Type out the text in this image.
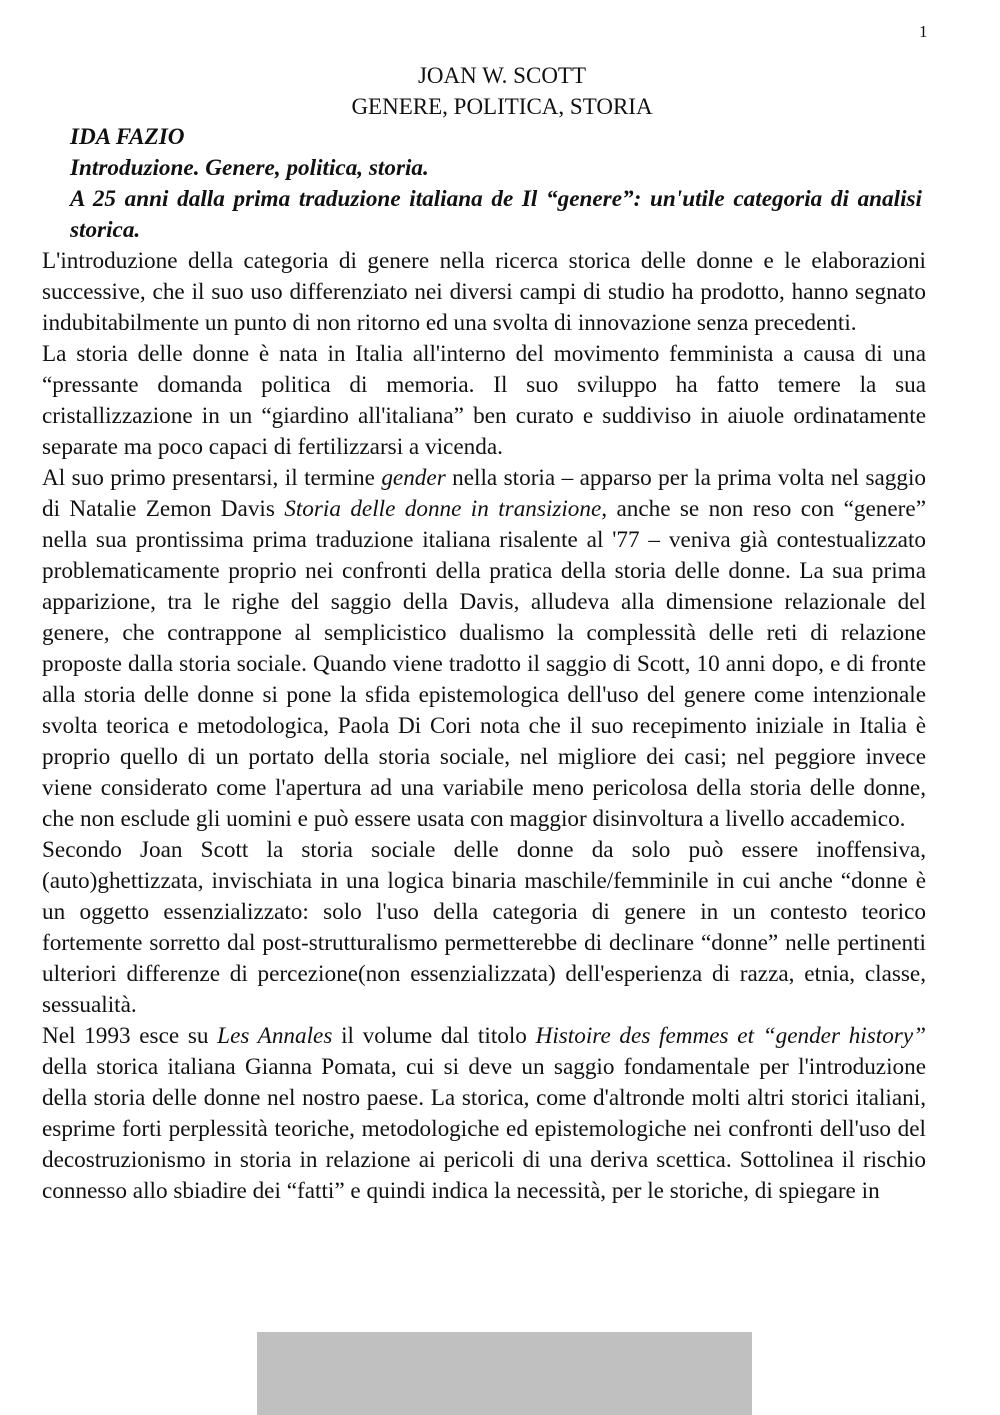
1
JOAN W. SCOTT
GENERE, POLITICA, STORIA
IDA FAZIO
Introduzione. Genere, politica, storia.
A 25 anni dalla prima traduzione italiana de Il “genere”: un'utile categoria di analisi storica.

L'introduzione della categoria di genere nella ricerca storica delle donne e le elaborazioni successive, che il suo uso differenziato nei diversi campi di studio ha prodotto, hanno segnato indubitabilmente un punto di non ritorno ed una svolta di innovazione senza precedenti.

La storia delle donne è nata in Italia all'interno del movimento femminista a causa di una “pressante domanda politica di memoria. Il suo sviluppo ha fatto temere la sua cristallizzazione in un “giardino all'italiana” ben curato e suddiviso in aiuole ordinatamente separate ma poco capaci di fertilizzarsi a vicenda.

Al suo primo presentarsi, il termine gender nella storia – apparso per la prima volta nel saggio di Natalie Zemon Davis Storia delle donne in transizione, anche se non reso con “genere” nella sua prontissima prima traduzione italiana risalente al '77 – veniva già contestualizzato problematicamente proprio nei confronti della pratica della storia delle donne. La sua prima apparizione, tra le righe del saggio della Davis, alludeva alla dimensione relazionale del genere, che contrappone al semplicistico dualismo la complessità delle reti di relazione proposte dalla storia sociale. Quando viene tradotto il saggio di Scott, 10 anni dopo, e di fronte alla storia delle donne si pone la sfida epistemologica dell'uso del genere come intenzionale svolta teorica e metodologica, Paola Di Cori nota che il suo recepimento iniziale in Italia è proprio quello di un portato della storia sociale, nel migliore dei casi; nel peggiore invece viene considerato come l'apertura ad una variabile meno pericolosa della storia delle donne, che non esclude gli uomini e può essere usata con maggior disinvoltura a livello accademico.

Secondo Joan Scott la storia sociale delle donne da solo può essere inoffensiva, (auto)ghettizzata, invischiata in una logica binaria maschile/femminile in cui anche “donne è un oggetto essenzializzato: solo l'uso della categoria di genere in un contesto teorico fortemente sorretto dal post-strutturalismo permetterebbe di declinare “donne” nelle pertinenti ulteriori differenze di percezione(non essenzializzata) dell'esperienza di razza, etnia, classe, sessualità.

Nel 1993 esce su Les Annales il volume dal titolo Histoire des femmes et “gender history” della storica italiana Gianna Pomata, cui si deve un saggio fondamentale per l'introduzione della storia delle donne nel nostro paese. La storica, come d'altronde molti altri storici italiani, esprime forti perplessità teoriche, metodologiche ed epistemologiche nei confronti dell'uso del decostruzionismo in storia in relazione ai pericoli di una deriva scettica. Sottolinea il rischio connesso allo sbiadire dei “fatti” e quindi indica la necessità, per le storiche, di spiegare in
